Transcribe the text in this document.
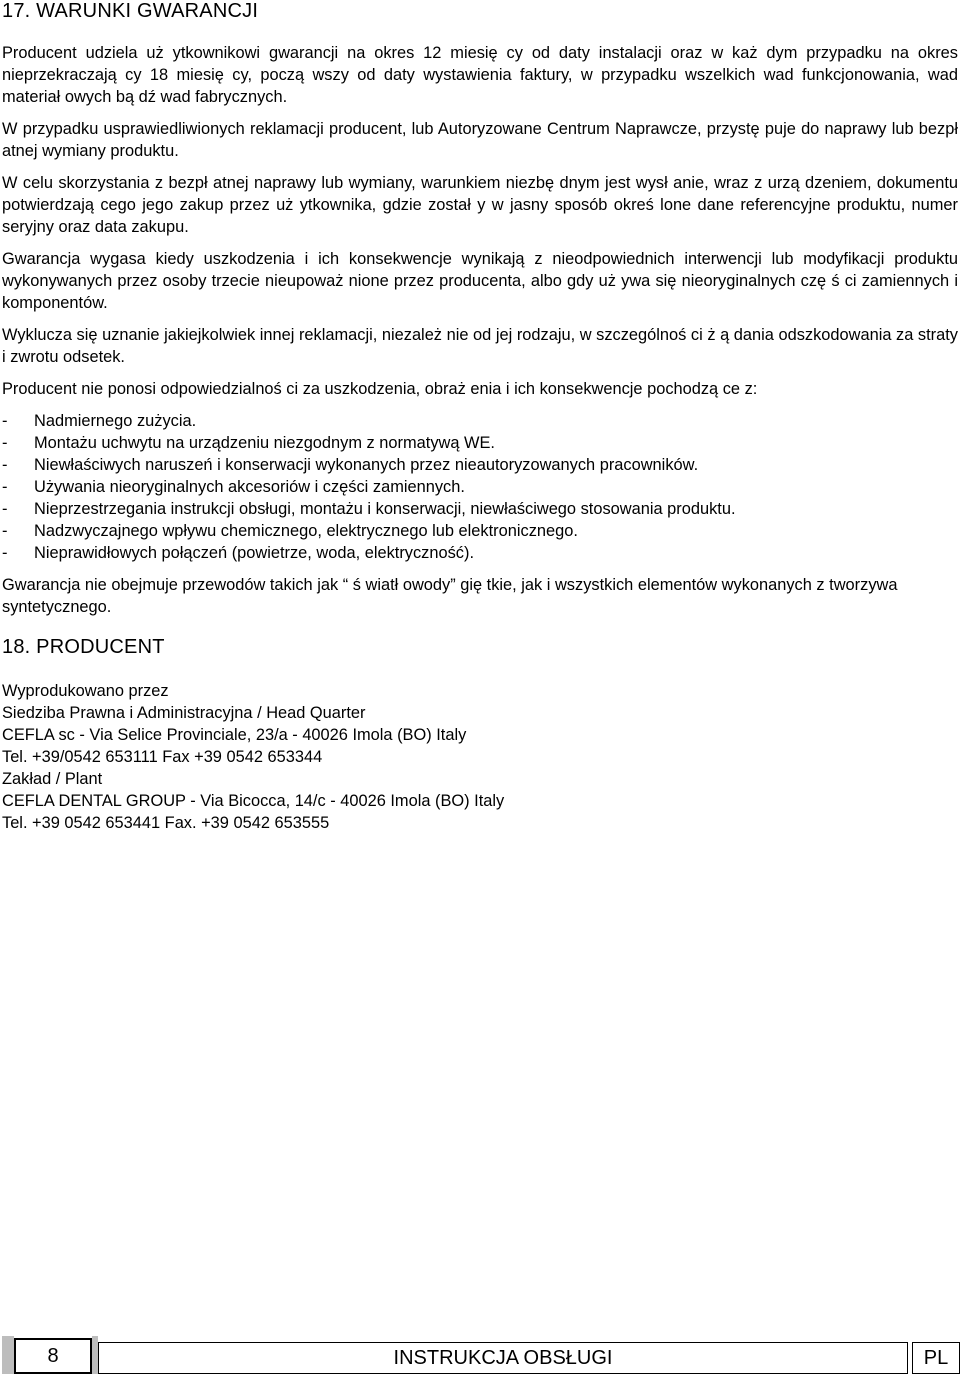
17. WARUNKI GWARANCJI

Producent udziela uż ytkownikowi gwarancji na okres 12 miesię cy od daty instalacji oraz w każ dym przypadku na okres nieprzekraczają cy 18 miesię cy, począ wszy od daty wystawienia faktury, w przypadku wszelkich wad funkcjonowania, wad materiał owych bą dź wad fabrycznych.

W przypadku usprawiedliwionych reklamacji producent, lub Autoryzowane Centrum Naprawcze, przystę puje do naprawy lub bezpł atnej wymiany produktu.

W celu skorzystania z bezpł atnej naprawy lub wymiany, warunkiem niezbę dnym jest wysł anie, wraz z urzą dzeniem, dokumentu potwierdzają cego jego zakup przez uż ytkownika, gdzie został y w jasny sposób okreś lone dane referencyjne produktu, numer seryjny oraz data zakupu.

Gwarancja wygasa kiedy uszkodzenia i ich konsekwencje wynikają z nieodpowiednich interwencji lub modyfikacji produktu wykonywanych przez osoby trzecie nieupoważ nione przez producenta, albo gdy uż ywa się nieoryginalnych czę ś ci zamiennych i komponentów.

Wyklucza się uznanie jakiejkolwiek innej reklamacji, niezależ nie od jej rodzaju, w szczególnoś ci ż ą dania odszkodowania za straty i zwrotu odsetek.

Producent nie ponosi odpowiedzialnoś ci za uszkodzenia, obraż enia i ich konsekwencje pochodzą ce z:

- Nadmiernego zużycia.
- Montażu uchwytu na urządzeniu niezgodnym z normatywą WE.
- Niewłaściwych naruszeń i konserwacji wykonanych przez nieautoryzowanych pracowników.
- Używania nieoryginalnych akcesoriów i części zamiennych.
- Nieprzestrzegania instrukcji obsługi, montażu i konserwacji, niewłaściwego stosowania produktu.
- Nadzwyczajnego wpływu chemicznego, elektrycznego lub elektronicznego.
- Nieprawidłowych połączeń (powietrze, woda, elektryczność).

Gwarancja nie obejmuje przewodów takich jak “ ś wiatł owody” gię tkie, jak i wszystkich elementów wykonanych z tworzywa syntetycznego.

18. PRODUCENT

Wyprodukowano przez

Siedziba Prawna i Administracyjna / Head Quarter

CEFLA sc - Via Selice Provinciale, 23/a - 40026 Imola (BO) Italy

Tel. +39/0542 653111 Fax +39 0542 653344

Zakład / Plant

CEFLA DENTAL GROUP - Via Bicocca, 14/c - 40026 Imola (BO) Italy

Tel. +39 0542 653441 Fax. +39 0542 653555

8	INSTRUKCJA OBSŁUGI	PL
